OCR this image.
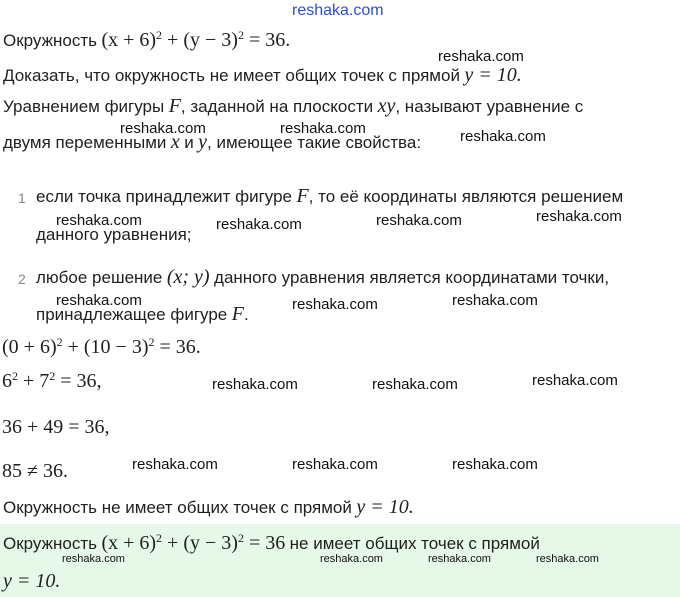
reshaka.com
Окружность $(x + 6)^2 + (y - 3)^2 = 36$.
reshaka.com
Доказать, что окружность не имеет общих точек с прямой y = 10.
Уравнением фигуры F, заданной на плоскости xy, называют уравнение с
reshaka.com	reshaka.com	reshaka.com
двумя переменными x и y, имеющее такие свойства:
1 если точка принадлежит фигуре F, то её координаты являются решением
reshaka.com	reshaka.com	reshaka.com	reshaka.com
данного уравнения;
2 любое решение (x; y) данного уравнения является координатами точки,
reshaka.com	reshaka.com	reshaka.com
принадлежащее фигуре F.
$(0 + 6)^2 + (10 - 3)^2 = 36$.
$6^2 + 7^2 = 36$,	reshaka.com	reshaka.com	reshaka.com
36 + 49 = 36,
85 ≠ 36.	reshaka.com	reshaka.com	reshaka.com
Окружность не имеет общих точек с прямой y = 10.
Окружность $(x + 6)^2 + (y - 3)^2 = 36$ не имеет общих точек с прямой
reshaka.com	reshaka.com	reshaka.com	reshaka.com
y = 10.
